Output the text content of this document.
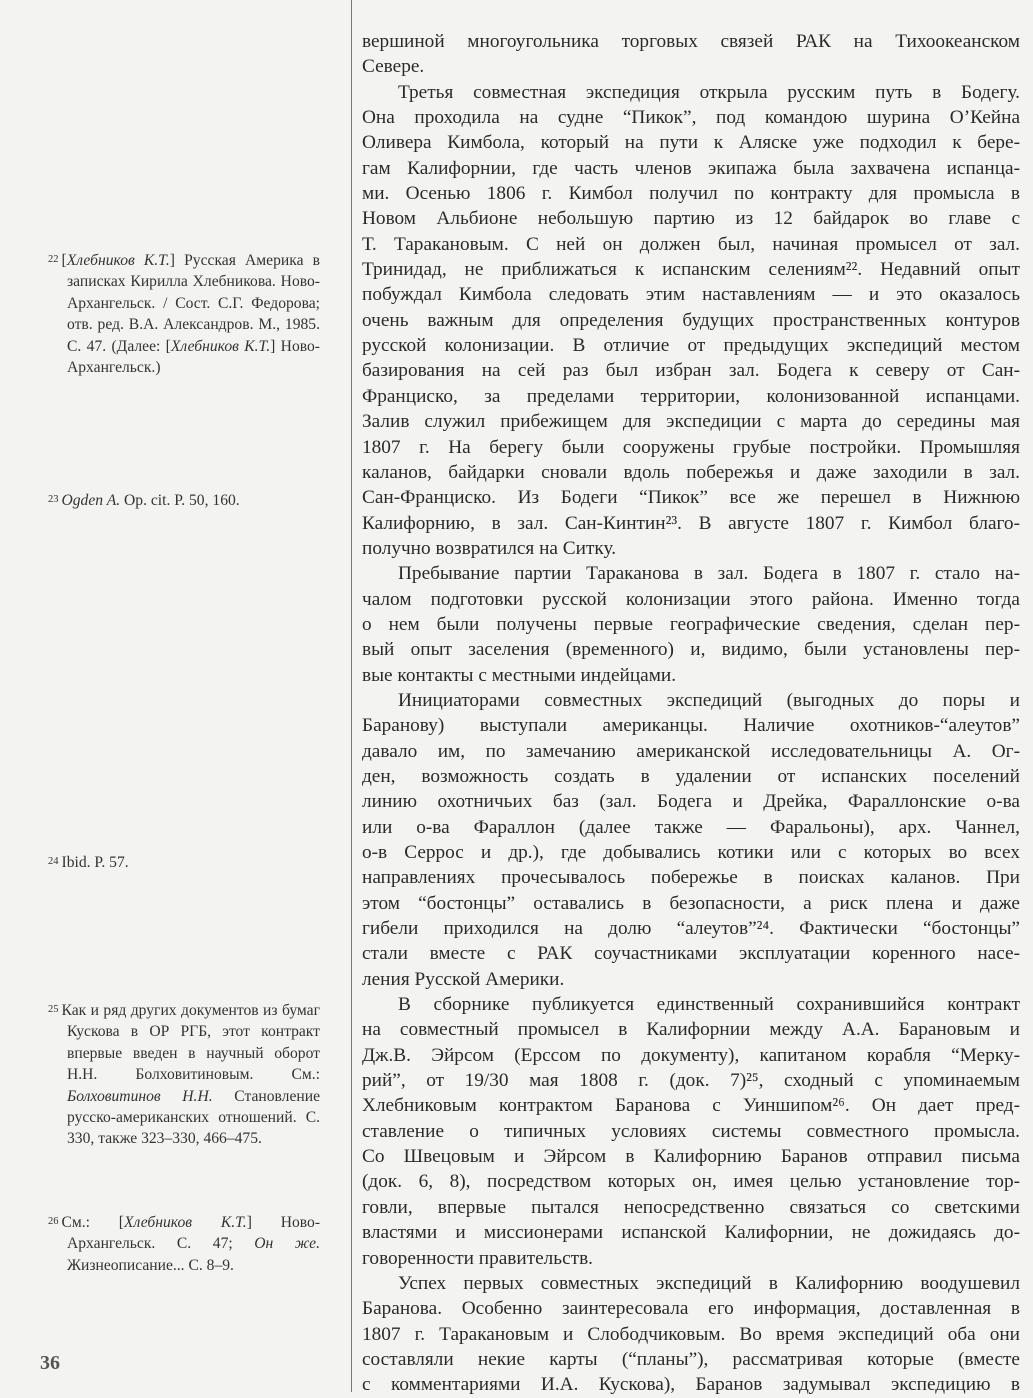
вершиной многоугольника торговых связей РАК на Тихоокеанском
Севере.
Третья совместная экспедиция открыла русским путь в Бодегу.
Она проходила на судне “Пикок”, под командою шурина О’Кейна
Оливера Кимбола, который на пути к Аляске уже подходил к бере-
гам Калифорнии, где часть членов экипажа была захвачена испанца-
ми. Осенью 1806 г. Кимбол получил по контракту для промысла в
Новом Альбионе небольшую партию из 12 байдарок во главе с
Т. Таракановым. С ней он должен был, начиная промысел от зал.
Тринидад, не приближаться к испанским селениям²². Недавний опыт
побуждал Кимбола следовать этим наставлениям — и это оказалось
очень важным для определения будущих пространственных контуров
русской колонизации. В отличие от предыдущих экспедиций местом
базирования на сей раз был избран зал. Бодега к северу от Сан-
Франциско, за пределами территории, колонизованной испанцами.
Залив служил прибежищем для экспедиции с марта до середины мая
1807 г. На берегу были сооружены грубые постройки. Промышляя
каланов, байдарки сновали вдоль побережья и даже заходили в зал.
Сан-Франциско. Из Бодеги “Пикок” все же перешел в Нижнюю
Калифорнию, в зал. Сан-Кинтин²³. В августе 1807 г. Кимбол благо-
получно возвратился на Ситку.
Пребывание партии Тараканова в зал. Бодега в 1807 г. стало на-
чалом подготовки русской колонизации этого района. Именно тогда
о нем были получены первые географические сведения, сделан пер-
вый опыт заселения (временного) и, видимо, были установлены пер-
вые контакты с местными индейцами.
Инициаторами совместных экспедиций (выгодных до поры и
Баранову) выступали американцы. Наличие охотников-“алеутов”
давало им, по замечанию американской исследовательницы А. Ог-
ден, возможность создать в удалении от испанских поселений
линию охотничьих баз (зал. Бодега и Дрейка, Фараллонские о-ва
или о-ва Фараллон (далее также — Фаральоны), арх. Чаннел,
о-в Серрос и др.), где добывались котики или с которых во всех
направлениях прочесывалось побережье в поисках каланов. При
этом “бостонцы” оставались в безопасности, а риск плена и даже
гибели приходился на долю “алеутов”²⁴. Фактически “бостонцы”
стали вместе с РАК соучастниками эксплуатации коренного насе-
ления Русской Америки.
В сборнике публикуется единственный сохранившийся контракт
на совместный промысел в Калифорнии между А.А. Барановым и
Дж.В. Эйрсом (Ерссом по документу), капитаном корабля “Мерку-
рий”, от 19/30 мая 1808 г. (док. 7)²⁵, сходный с упоминаемым
Хлебниковым контрактом Баранова с Уиншипом²⁶. Он дает пред-
ставление о типичных условиях системы совместного промысла.
Со Швецовым и Эйрсом в Калифорнию Баранов отправил письма
(док. 6, 8), посредством которых он, имея целью установление тор-
говли, впервые пытался непосредственно связаться со светскими
властями и миссионерами испанской Калифорнии, не дожидаясь до-
говоренности правительств.
Успех первых совместных экспедиций в Калифорнию воодушевил
Баранова. Особенно заинтересовала его информация, доставленная в
1807 г. Таракановым и Слободчиковым. Во время экспедиций оба они
составляли некие карты (“планы”), рассматривая которые (вместе
с комментариями И.А. Кускова), Баранов задумывал экспедицию в
$^{22}$ [Хлебников К.Т.] Русская Америка в записках Кирилла Хлебникова. Ново-Архангельск. / Сост. С.Г. Федорова; отв. ред. В.А. Александров. М., 1985. С. 47. (Далее: [Хлебников К.Т.] Ново-Архангельск.)
$^{23}$ Ogden A. Op. cit. P. 50, 160.
$^{24}$ Ibid. P. 57.
$^{25}$ Как и ряд других документов из бумаг Кускова в ОР РГБ, этот контракт впервые введен в научный оборот Н.Н. Болховитиновым. См.: Болховитинов Н.Н. Становление русско-американских отношений. С. 330, также 323–330, 466–475.
$^{26}$ См.: [Хлебников К.Т.] Ново-Архангельск. С. 47; Он же. Жизнеописание... С. 8–9.
36
